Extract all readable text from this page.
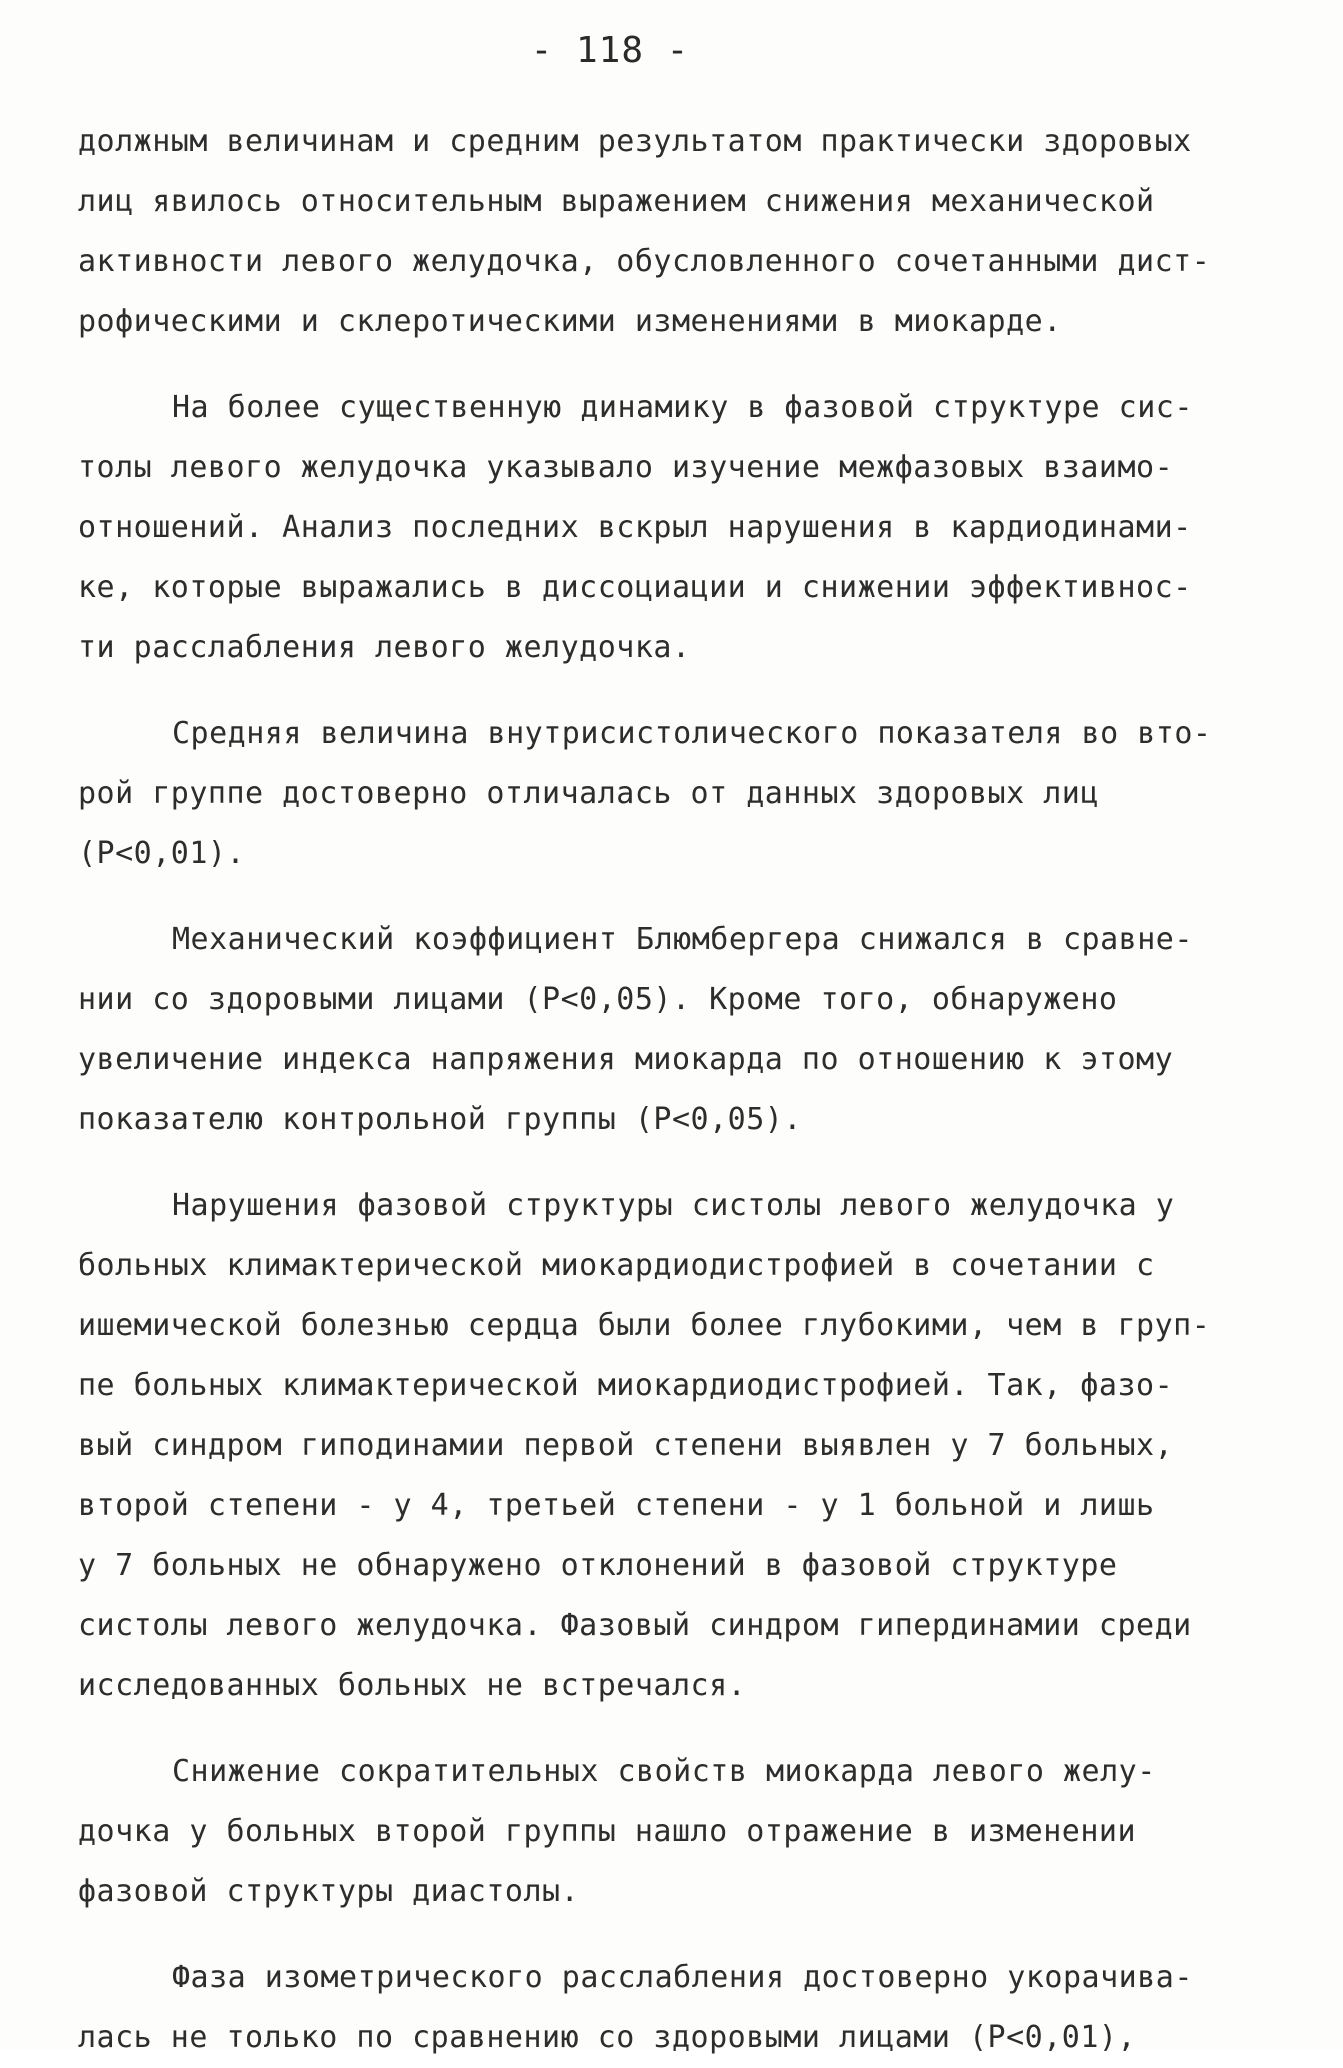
- 118 -
должным величинам и средним результатом практически здоровых
лиц явилось относительным выражением снижения механической
активности левого желудочка, обусловленного сочетанными дист-
рофическими и склеротическими изменениями в миокарде.
На более существенную динамику в фазовой структуре сис-
толы левого желудочка указывало изучение межфазовых взаимо-
отношений. Анализ последних вскрыл нарушения в кардиодинами-
ке, которые выражались в диссоциации и снижении эффективнос-
ти расслабления левого желудочка.
Средняя величина внутрисистолического показателя во вто-
рой группе достоверно отличалась от данных здоровых лиц
(P<0,01).
Механический коэффициент Блюмбергера снижался в сравне-
нии со здоровыми лицами (P<0,05). Кроме того, обнаружено
увеличение индекса напряжения миокарда по отношению к этому
показателю контрольной группы (P<0,05).
Нарушения фазовой структуры систолы левого желудочка у
больных климактерической миокардиодистрофией в сочетании с
ишемической болезнью сердца были более глубокими, чем в груп-
пе больных климактерической миокардиодистрофией. Так, фазо-
вый синдром гиподинамии первой степени выявлен у 7 больных,
второй степени - у 4, третьей степени - у 1 больной и лишь
у 7 больных не обнаружено отклонений в фазовой структуре
систолы левого желудочка. Фазовый синдром гипердинамии среди
исследованных больных не встречался.
Снижение сократительных свойств миокарда левого желу-
дочка у больных второй группы нашло отражение в изменении
фазовой структуры диастолы.
Фаза изометрического расслабления достоверно укорачива-
лась не только по сравнению со здоровыми лицами (P<0,01),
